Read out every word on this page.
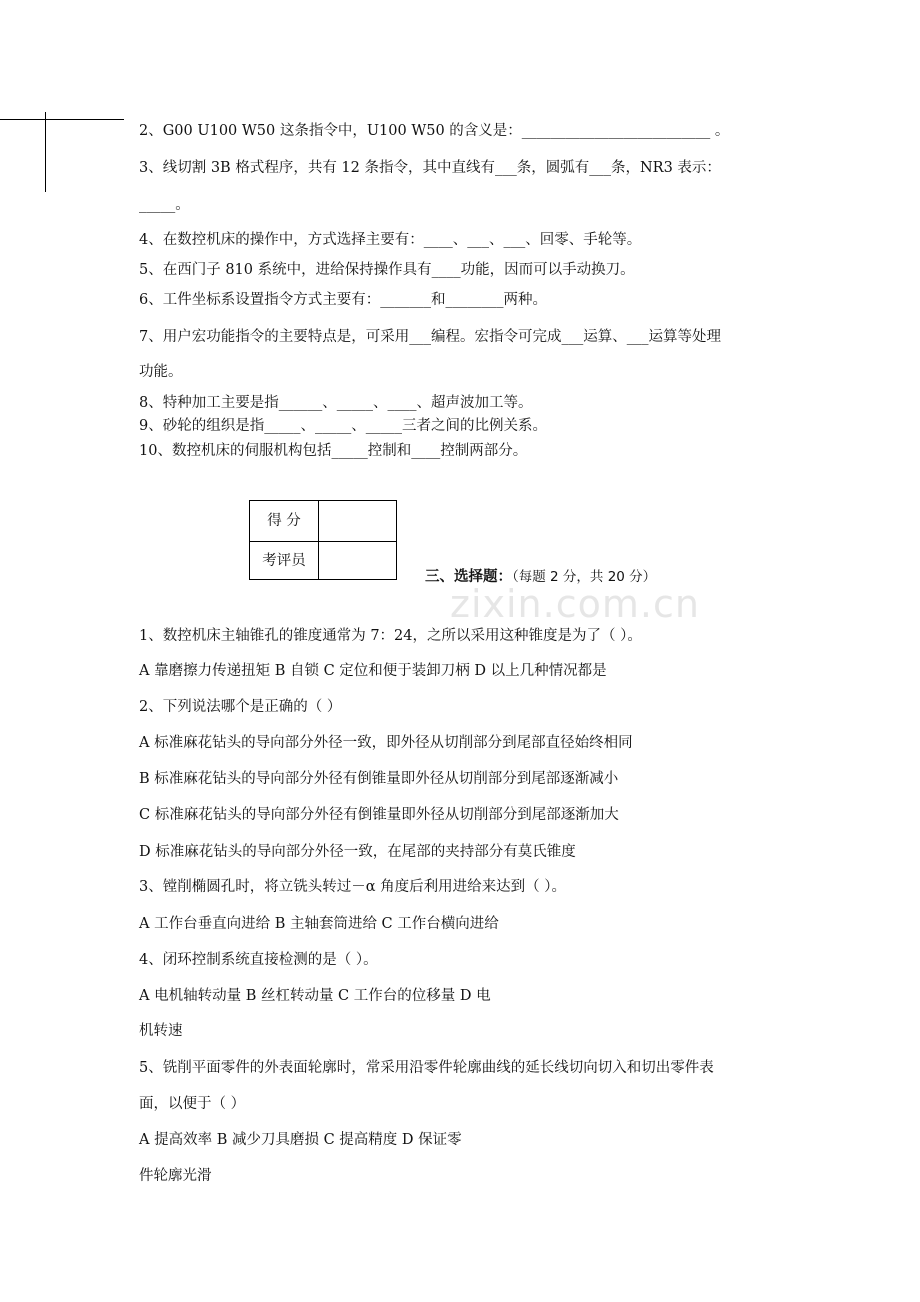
2、G00 U100 W50 这条指令中，U100 W50 的含义是：__________________________ 。
3、线切割 3B 格式程序，共有 12 条指令，其中直线有___条，圆弧有___条，NR3 表示：
_____。
4、在数控机床的操作中，方式选择主要有：____、___、___、回零、手轮等。
5、在西门子 810 系统中，进给保持操作具有____功能，因而可以手动换刀。
6、工件坐标系设置指令方式主要有：_______和________两种。
7、用户宏功能指令的主要特点是，可采用___编程。宏指令可完成___运算、___运算等处理
功能。
8、特种加工主要是指______、_____、____、超声波加工等。
9、砂轮的组织是指_____、_____、_____三者之间的比例关系。
10、数控机床的伺服机构包括_____控制和____控制两部分。
得 分
考评员
三、选择题：（每题 2 分，共 20 分）
zixin.com.cn
1、数控机床主轴锥孔的锥度通常为 7：24，之所以采用这种锥度是为了（ ）。
A 靠磨擦力传递扭矩 B 自锁 C 定位和便于装卸刀柄 D 以上几种情况都是
2、下列说法哪个是正确的（ ）
A 标准麻花钻头的导向部分外径一致，即外径从切削部分到尾部直径始终相同
B 标准麻花钻头的导向部分外径有倒锥量即外径从切削部分到尾部逐渐减小
C 标准麻花钻头的导向部分外径有倒锥量即外径从切削部分到尾部逐渐加大
D 标准麻花钻头的导向部分外径一致，在尾部的夹持部分有莫氏锥度
3、镗削椭圆孔时，将立铣头转过－α 角度后利用进给来达到（ ）。
A 工作台垂直向进给 B 主轴套筒进给 C 工作台横向进给
4、闭环控制系统直接检测的是（ ）。
A 电机轴转动量 B 丝杠转动量 C 工作台的位移量 D 电
机转速
5、铣削平面零件的外表面轮廓时，常采用沿零件轮廓曲线的延长线切向切入和切出零件表
面，以便于（ ）
A 提高效率 B 减少刀具磨损 C 提高精度 D 保证零
件轮廓光滑
